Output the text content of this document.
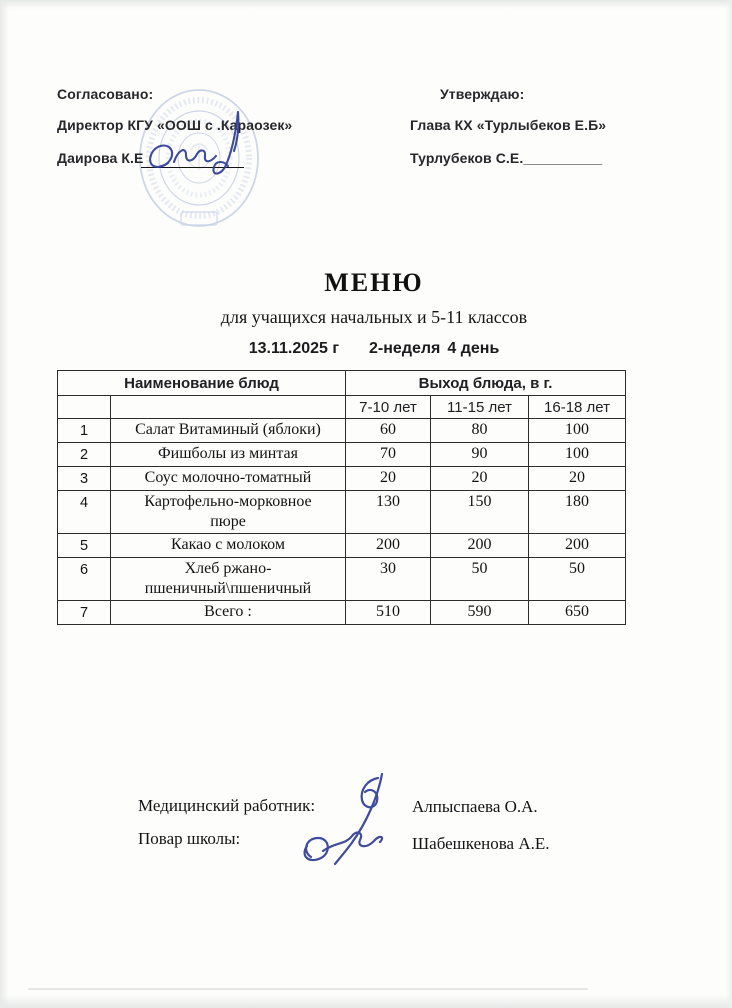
Согласовано:
Директор КГУ «ООШ с .Караозек»
Даирова К.Е
Утверждаю:
Глава КХ «Турлыбеков Е.Б»
Турлубеков С.Е.__________
МЕНЮ
для учащихся начальных и 5-11 классов
13.11.2025 г 2-неделя 4 день
Наименование блюд		Выход блюда, в г.		
		7-10 лет	11-15 лет	16-18 лет
1	Салат Витаминый (яблоки)	60	80	100
2	Фишболы из минтая	70	90	100
3	Соус молочно-томатный	20	20	20
4	Картофельно-морковное пюре	130	150	180
5	Какао с молоком	200	200	200
6	Хлеб ржано-пшеничный\пшеничный	30	50	50
7	Всего :	510	590	650
Медицинский работник:
Повар школы:
Алпыспаева О.А.
Шабешкенова А.Е.
